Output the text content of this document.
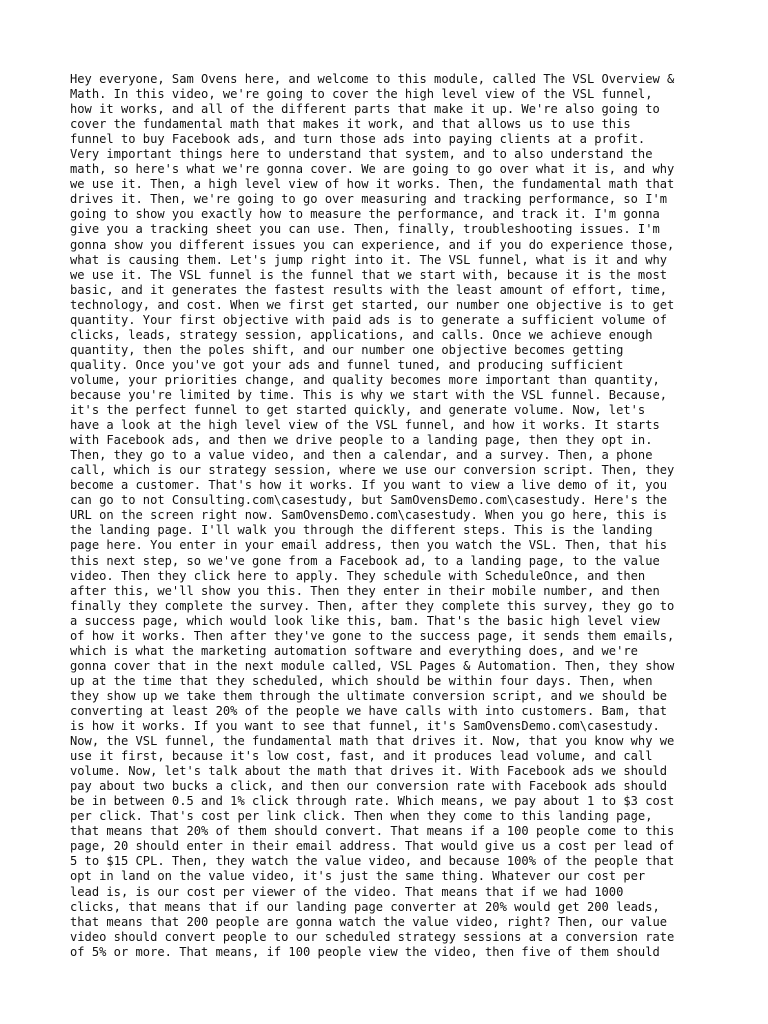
Hey everyone, Sam Ovens here, and welcome to this module, called The VSL Overview &
Math. In this video, we're going to cover the high level view of the VSL funnel,
how it works, and all of the different parts that make it up. We're also going to
cover the fundamental math that makes it work, and that allows us to use this
funnel to buy Facebook ads, and turn those ads into paying clients at a profit.
Very important things here to understand that system, and to also understand the
math, so here's what we're gonna cover. We are going to go over what it is, and why
we use it. Then, a high level view of how it works. Then, the fundamental math that
drives it. Then, we're going to go over measuring and tracking performance, so I'm
going to show you exactly how to measure the performance, and track it. I'm gonna
give you a tracking sheet you can use. Then, finally, troubleshooting issues. I'm
gonna show you different issues you can experience, and if you do experience those,
what is causing them. Let's jump right into it. The VSL funnel, what is it and why
we use it. The VSL funnel is the funnel that we start with, because it is the most
basic, and it generates the fastest results with the least amount of effort, time,
technology, and cost. When we first get started, our number one objective is to get
quantity. Your first objective with paid ads is to generate a sufficient volume of
clicks, leads, strategy session, applications, and calls. Once we achieve enough
quantity, then the poles shift, and our number one objective becomes getting
quality. Once you've got your ads and funnel tuned, and producing sufficient
volume, your priorities change, and quality becomes more important than quantity,
because you're limited by time. This is why we start with the VSL funnel. Because,
it's the perfect funnel to get started quickly, and generate volume. Now, let's
have a look at the high level view of the VSL funnel, and how it works. It starts
with Facebook ads, and then we drive people to a landing page, then they opt in.
Then, they go to a value video, and then a calendar, and a survey. Then, a phone
call, which is our strategy session, where we use our conversion script. Then, they
become a customer. That's how it works. If you want to view a live demo of it, you
can go to not Consulting.com\casestudy, but SamOvensDemo.com\casestudy. Here's the
URL on the screen right now. SamOvensDemo.com\casestudy. When you go here, this is
the landing page. I'll walk you through the different steps. This is the landing
page here. You enter in your email address, then you watch the VSL. Then, that his
this next step, so we've gone from a Facebook ad, to a landing page, to the value
video. Then they click here to apply. They schedule with ScheduleOnce, and then
after this, we'll show you this. Then they enter in their mobile number, and then
finally they complete the survey. Then, after they complete this survey, they go to
a success page, which would look like this, bam. That's the basic high level view
of how it works. Then after they've gone to the success page, it sends them emails,
which is what the marketing automation software and everything does, and we're
gonna cover that in the next module called, VSL Pages & Automation. Then, they show
up at the time that they scheduled, which should be within four days. Then, when
they show up we take them through the ultimate conversion script, and we should be
converting at least 20% of the people we have calls with into customers. Bam, that
is how it works. If you want to see that funnel, it's SamOvensDemo.com\casestudy.
Now, the VSL funnel, the fundamental math that drives it. Now, that you know why we
use it first, because it's low cost, fast, and it produces lead volume, and call
volume. Now, let's talk about the math that drives it. With Facebook ads we should
pay about two bucks a click, and then our conversion rate with Facebook ads should
be in between 0.5 and 1% click through rate. Which means, we pay about 1 to $3 cost
per click. That's cost per link click. Then when they come to this landing page,
that means that 20% of them should convert. That means if a 100 people come to this
page, 20 should enter in their email address. That would give us a cost per lead of
5 to $15 CPL. Then, they watch the value video, and because 100% of the people that
opt in land on the value video, it's just the same thing. Whatever our cost per
lead is, is our cost per viewer of the video. That means that if we had 1000
clicks, that means that if our landing page converter at 20% would get 200 leads,
that means that 200 people are gonna watch the value video, right? Then, our value
video should convert people to our scheduled strategy sessions at a conversion rate
of 5% or more. That means, if 100 people view the video, then five of them should
